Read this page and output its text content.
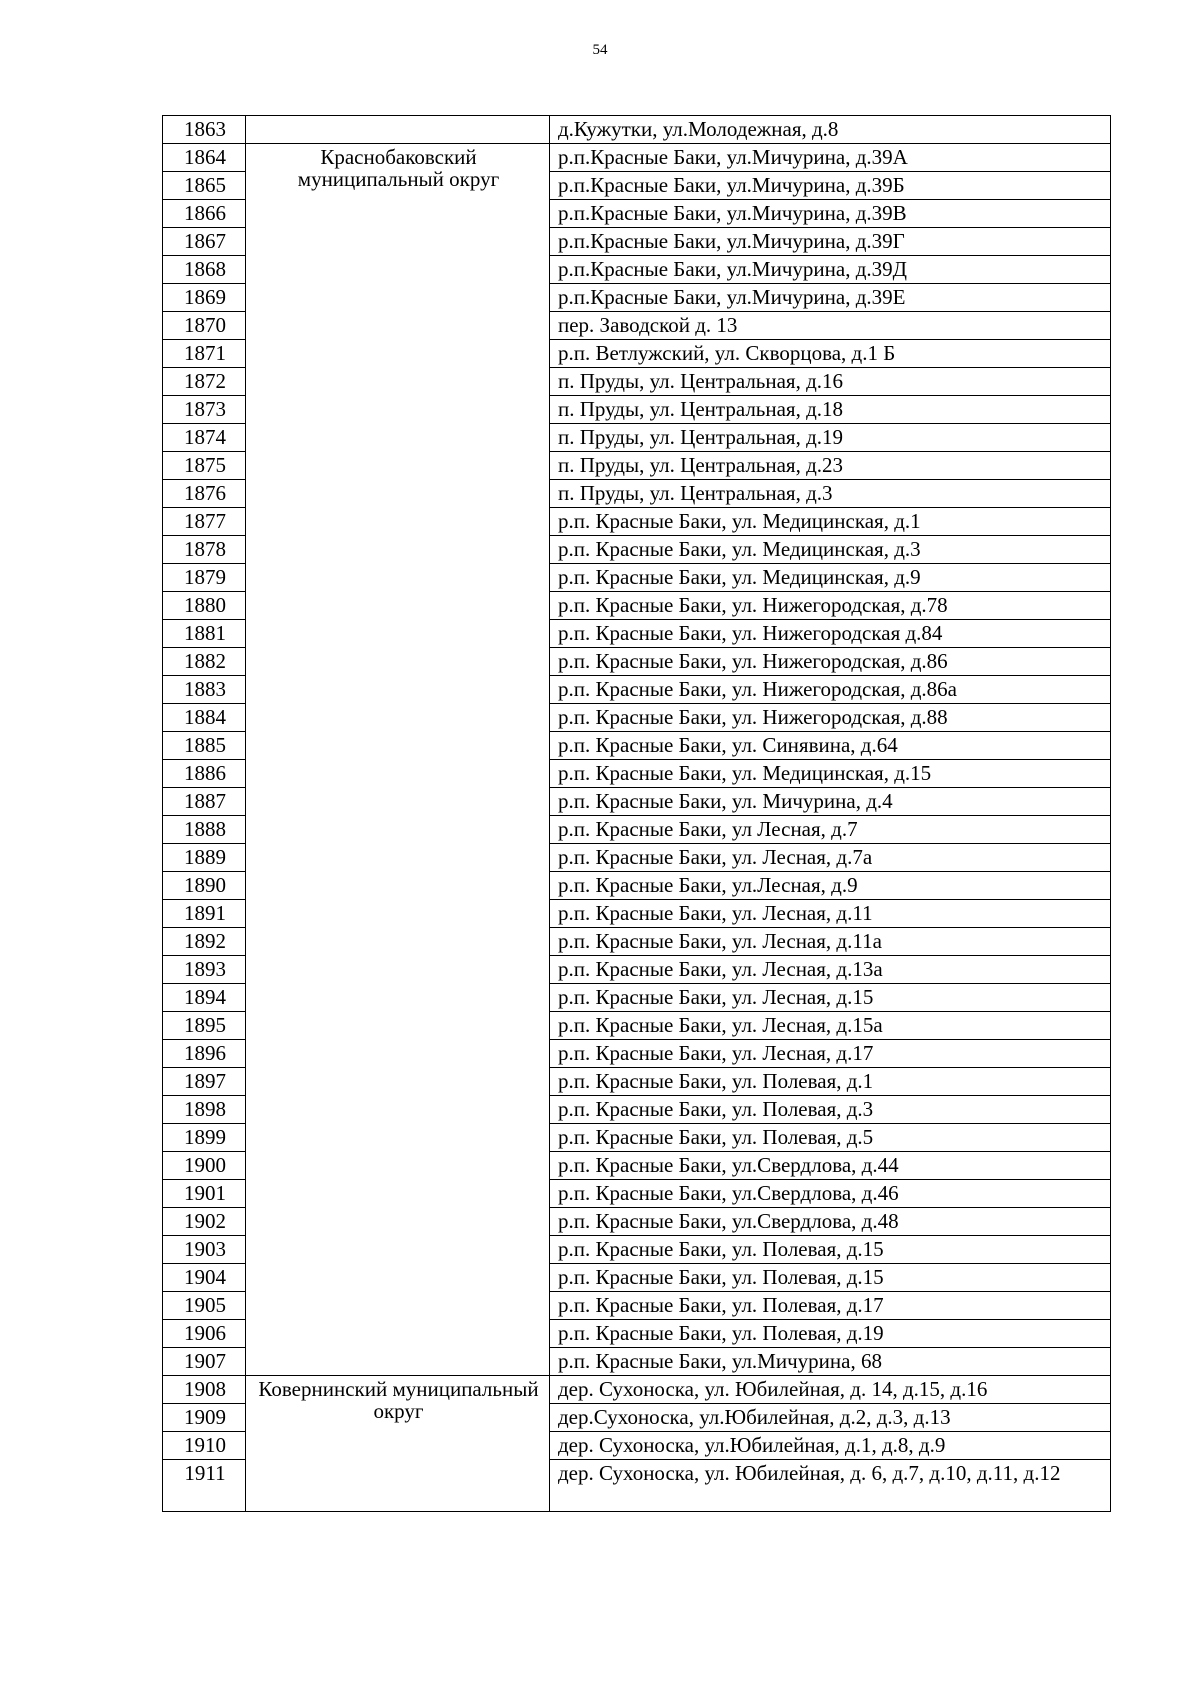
54
1863		д.Кужутки, ул.Молодежная, д.8
1864	Краснобаковский муниципальный округ	р.п.Красные Баки, ул.Мичурина, д.39А
1865		р.п.Красные Баки, ул.Мичурина, д.39Б
1866		р.п.Красные Баки, ул.Мичурина, д.39В
1867		р.п.Красные Баки, ул.Мичурина, д.39Г
1868		р.п.Красные Баки, ул.Мичурина, д.39Д
1869		р.п.Красные Баки, ул.Мичурина, д.39Е
1870		пер. Заводской д. 13
1871		р.п. Ветлужский, ул. Скворцова, д.1 Б
1872		п. Пруды, ул. Центральная, д.16
1873		п. Пруды, ул. Центральная, д.18
1874		п. Пруды, ул. Центральная, д.19
1875		п. Пруды, ул. Центральная, д.23
1876		п. Пруды, ул. Центральная, д.3
1877		р.п. Красные Баки, ул. Медицинская, д.1
1878		р.п. Красные Баки, ул. Медицинская, д.3
1879		р.п. Красные Баки, ул. Медицинская, д.9
1880		р.п. Красные Баки, ул. Нижегородская, д.78
1881		р.п. Красные Баки, ул. Нижегородская д.84
1882		р.п. Красные Баки, ул. Нижегородская, д.86
1883		р.п. Красные Баки, ул. Нижегородская, д.86а
1884		р.п. Красные Баки, ул. Нижегородская, д.88
1885		р.п. Красные Баки, ул. Синявина, д.64
1886		р.п. Красные Баки, ул. Медицинская, д.15
1887		р.п. Красные Баки, ул. Мичурина, д.4
1888		р.п. Красные Баки, ул Лесная, д.7
1889		р.п. Красные Баки, ул. Лесная, д.7а
1890		р.п. Красные Баки, ул.Лесная, д.9
1891		р.п. Красные Баки, ул. Лесная, д.11
1892		р.п. Красные Баки, ул. Лесная, д.11а
1893		р.п. Красные Баки, ул. Лесная, д.13а
1894		р.п. Красные Баки, ул. Лесная, д.15
1895		р.п. Красные Баки, ул. Лесная, д.15а
1896		р.п. Красные Баки, ул. Лесная, д.17
1897		р.п. Красные Баки, ул. Полевая, д.1
1898		р.п. Красные Баки, ул. Полевая, д.3
1899		р.п. Красные Баки, ул. Полевая, д.5
1900		р.п. Красные Баки, ул.Свердлова, д.44
1901		р.п. Красные Баки, ул.Свердлова, д.46
1902		р.п. Красные Баки, ул.Свердлова, д.48
1903		р.п. Красные Баки, ул. Полевая, д.15
1904		р.п. Красные Баки, ул. Полевая, д.15
1905		р.п. Красные Баки, ул. Полевая, д.17
1906		р.п. Красные Баки, ул. Полевая, д.19
1907		р.п. Красные Баки, ул.Мичурина, 68
1908	Ковернинский муниципальный округ	дер. Сухоноска, ул. Юбилейная, д. 14, д.15, д.16
1909		дер.Сухоноска, ул.Юбилейная, д.2, д.3, д.13
1910		дер. Сухоноска, ул.Юбилейная, д.1, д.8, д.9
1911		дер. Сухоноска, ул. Юбилейная, д. 6, д.7, д.10, д.11, д.12
